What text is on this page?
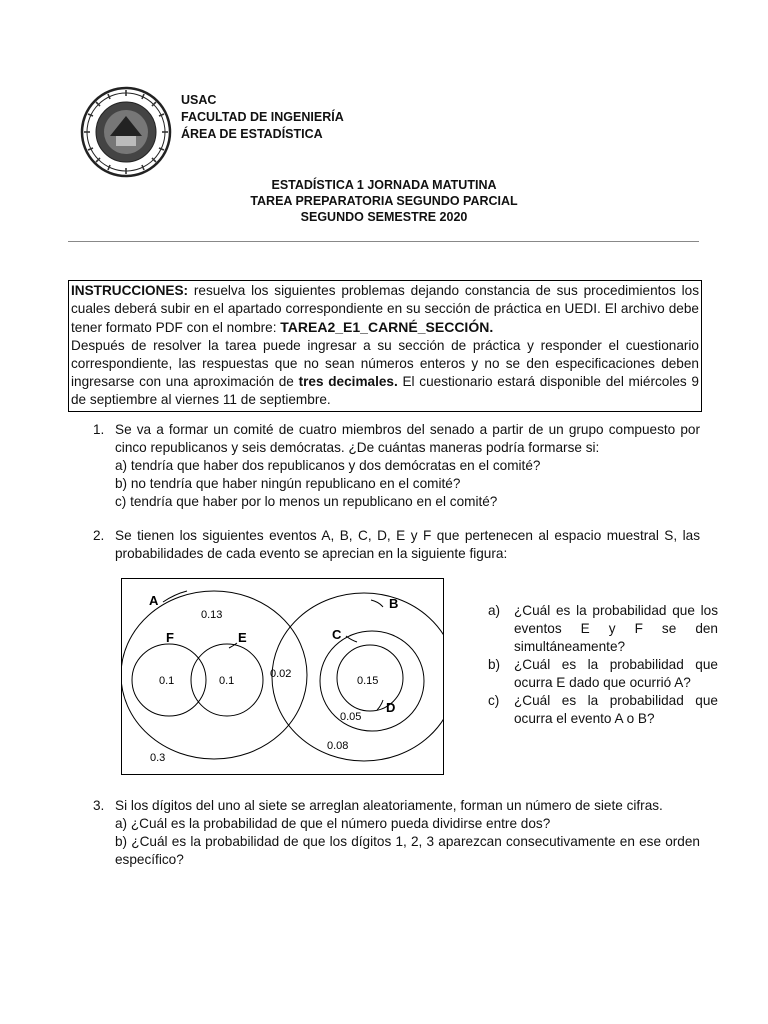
USAC
FACULTAD DE INGENIERÍA
ÁREA DE ESTADÍSTICA
ESTADÍSTICA 1 JORNADA MATUTINA
TAREA PREPARATORIA SEGUNDO PARCIAL
SEGUNDO SEMESTRE 2020

INSTRUCCIONES: resuelva los siguientes problemas dejando constancia de sus procedimientos los cuales deberá subir en el apartado correspondiente en su sección de práctica en UEDI. El archivo debe tener formato PDF con el nombre: TAREA2_E1_CARNÉ_SECCIÓN.

Después de resolver la tarea puede ingresar a su sección de práctica y responder el cuestionario correspondiente, las respuestas que no sean números enteros y no se den especificaciones deben ingresarse con una aproximación de tres decimales. El cuestionario estará disponible del miércoles 9 de septiembre al viernes 11 de septiembre.

1. Se va a formar un comité de cuatro miembros del senado a partir de un grupo compuesto por cinco republicanos y seis demócratas. ¿De cuántas maneras podría formarse si:

a) tendría que haber dos republicanos y dos demócratas en el comité?

b) no tendría que haber ningún republicano en el comité?

c) tendría que haber por lo menos un republicano en el comité?

2. Se tienen los siguientes eventos A, B, C, D, E y F que pertenecen al espacio muestral S, las probabilidades de cada evento se aprecian en la siguiente figura:

A	B
C
D
E
F
0.13
0.1	0.1
0.02
0.15
0.05
0.08
0.3
a) ¿Cuál es la probabilidad que los eventos E y F se den simultáneamente?
b) ¿Cuál es la probabilidad que ocurra E dado que ocurrió A?
c) ¿Cuál es la probabilidad que ocurra el evento A o B?
3. Si los dígitos del uno al siete se arreglan aleatoriamente, forman un número de siete cifras.

a) ¿Cuál es la probabilidad de que el número pueda dividirse entre dos?

b) ¿Cuál es la probabilidad de que los dígitos 1, 2, 3 aparezcan consecutivamente en ese orden específico?
